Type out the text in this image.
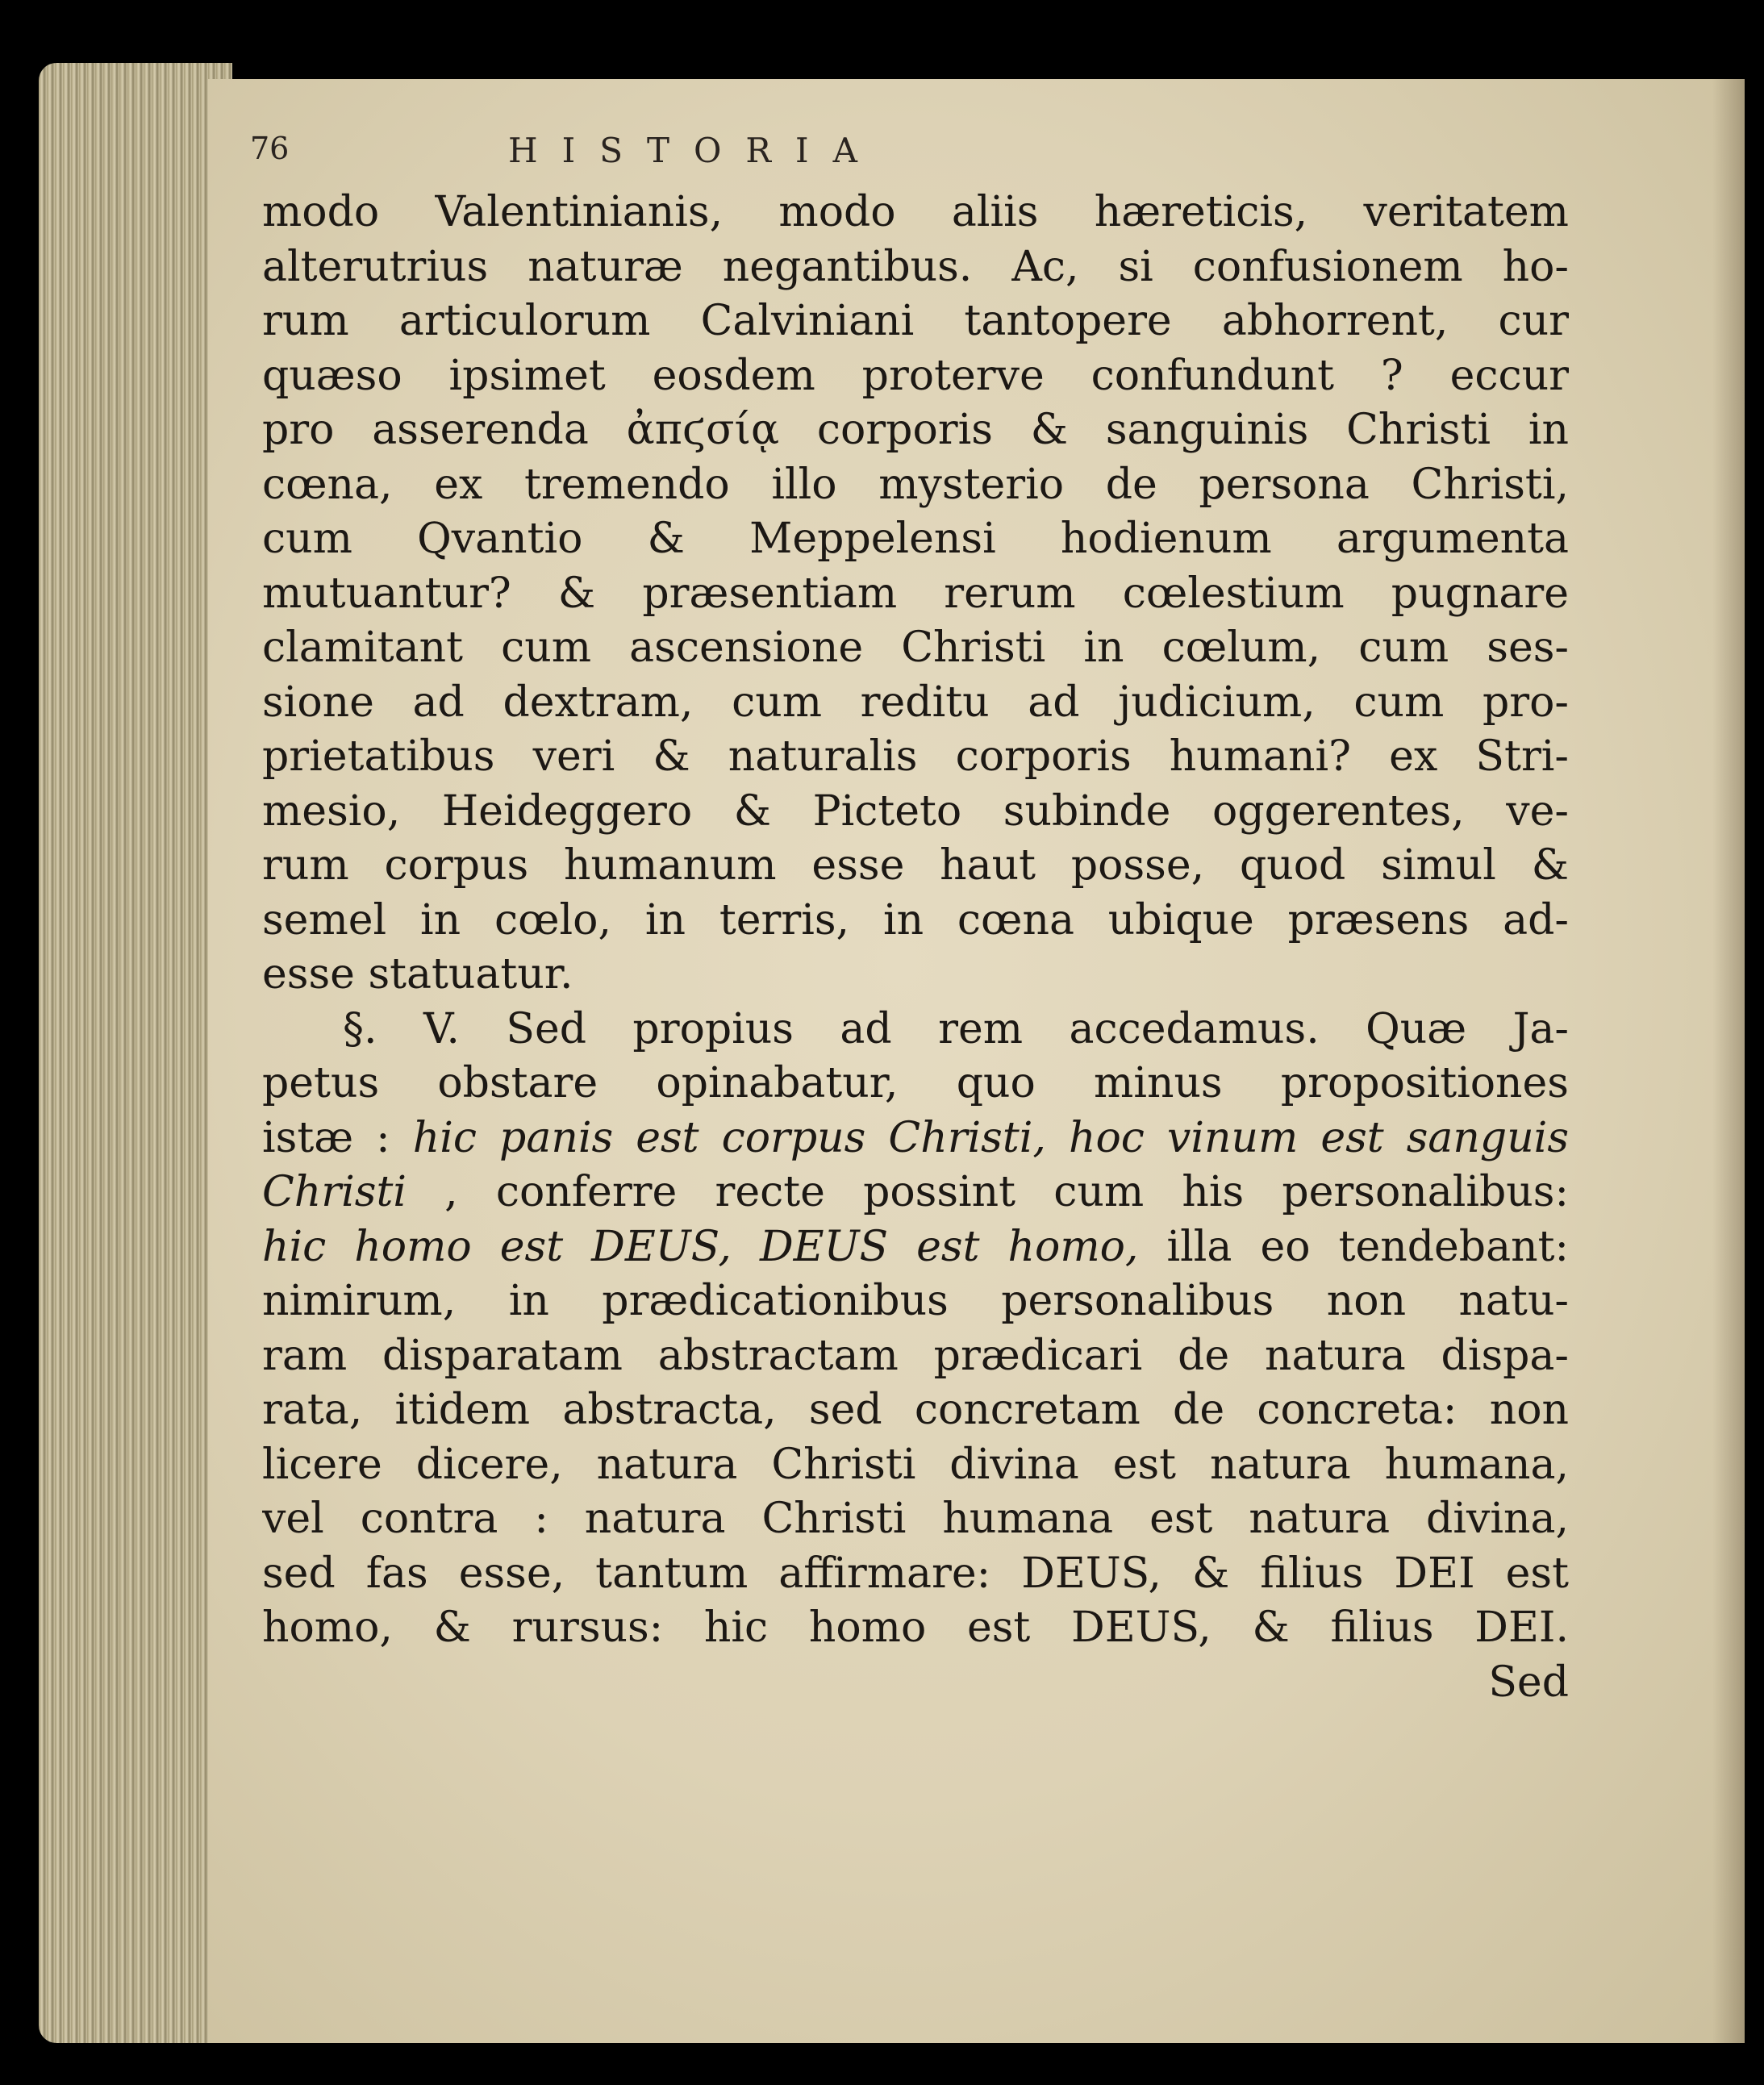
76	HISTORIA
modo Valentinianis, modo aliis hæreticis, veritatem
alterutrius naturæ negantibus. Ac, si confusionem ho-
rum articulorum Calviniani tantopere abhorrent, cur
quæso ipsimet eosdem proterve confundunt ? eccur
pro asserenda ἀπϛσίᾳ corporis & sanguinis Christi in
cœna, ex tremendo illo mysterio de persona Christi,
cum Qvantio & Meppelensi hodienum argumenta
mutuantur? & præsentiam rerum cœlestium pugnare
clamitant cum ascensione Christi in cœlum, cum ses-
sione ad dextram, cum reditu ad judicium, cum pro-
prietatibus veri & naturalis corporis humani? ex Stri-
mesio, Heideggero & Picteto subinde oggerentes, ve-
rum corpus humanum esse haut posse, quod simul &
semel in cœlo, in terris, in cœna ubique præsens ad-
esse statuatur.
§. V. Sed propius ad rem accedamus. Quæ Ja-
petus obstare opinabatur, quo minus propositiones
istæ : hic panis est corpus Christi, hoc vinum est sanguis
Christi , conferre recte possint cum his personalibus:
hic homo est DEUS, DEUS est homo, illa eo tendebant:
nimirum, in prædicationibus personalibus non natu-
ram disparatam abstractam prædicari de natura dispa-
rata, itidem abstracta, sed concretam de concreta: non
licere dicere, natura Christi divina est natura humana,
vel contra : natura Christi humana est natura divina,
sed fas esse, tantum affirmare: DEUS, & filius DEI est
homo, & rursus: hic homo est DEUS, & filius DEI.
Sed
